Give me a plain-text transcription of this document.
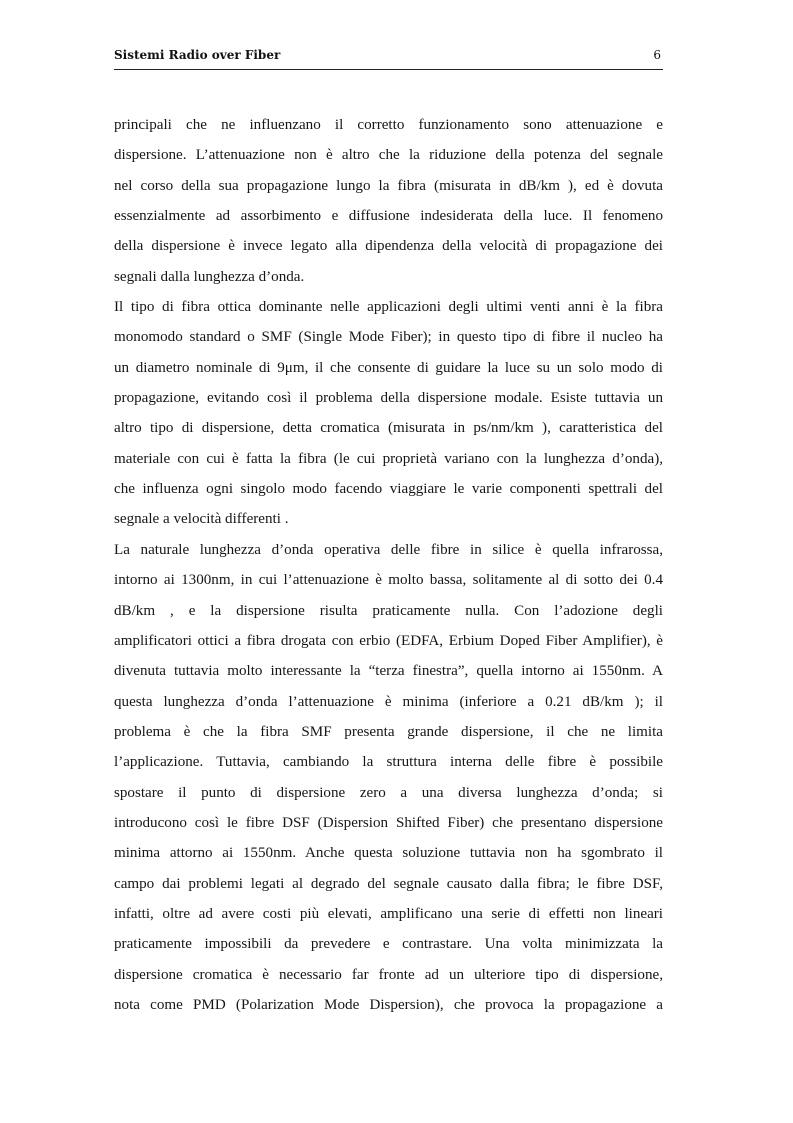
Sistemi Radio over Fiber	6
principali che ne influenzano il corretto funzionamento sono attenuazione e
dispersione. L’attenuazione non è altro che la riduzione della potenza del segnale
nel corso della sua propagazione lungo la fibra (misurata in dB/km ), ed è dovuta
essenzialmente ad assorbimento e diffusione indesiderata della luce. Il fenomeno
della dispersione è invece legato alla dipendenza della velocità di propagazione dei
segnali dalla lunghezza d’onda.
Il tipo di fibra ottica dominante nelle applicazioni degli ultimi venti anni è la fibra
monomodo standard o SMF (Single Mode Fiber); in questo tipo di fibre il nucleo ha
un diametro nominale di 9μm, il che consente di guidare la luce su un solo modo di
propagazione, evitando così il problema della dispersione modale. Esiste tuttavia un
altro tipo di dispersione, detta cromatica (misurata in ps/nm/km ), caratteristica del
materiale con cui è fatta la fibra (le cui proprietà variano con la lunghezza d’onda),
che influenza ogni singolo modo facendo viaggiare le varie componenti spettrali del
segnale a velocità differenti .
La naturale lunghezza d’onda operativa delle fibre in silice è quella infrarossa,
intorno ai 1300nm, in cui l’attenuazione è molto bassa, solitamente al di sotto dei 0.4
dB/km , e la dispersione risulta praticamente nulla. Con l’adozione degli
amplificatori ottici a fibra drogata con erbio (EDFA, Erbium Doped Fiber Amplifier), è
divenuta tuttavia molto interessante la “terza finestra”, quella intorno ai 1550nm. A
questa lunghezza d’onda l’attenuazione è minima (inferiore a 0.21 dB/km ); il
problema è che la fibra SMF presenta grande dispersione, il che ne limita
l’applicazione. Tuttavia, cambiando la struttura interna delle fibre è possibile
spostare il punto di dispersione zero a una diversa lunghezza d’onda; si
introducono così le fibre DSF (Dispersion Shifted Fiber) che presentano dispersione
minima attorno ai 1550nm. Anche questa soluzione tuttavia non ha sgombrato il
campo dai problemi legati al degrado del segnale causato dalla fibra; le fibre DSF,
infatti, oltre ad avere costi più elevati, amplificano una serie di effetti non lineari
praticamente impossibili da prevedere e contrastare. Una volta minimizzata la
dispersione cromatica è necessario far fronte ad un ulteriore tipo di dispersione,
nota come PMD (Polarization Mode Dispersion), che provoca la propagazione a
